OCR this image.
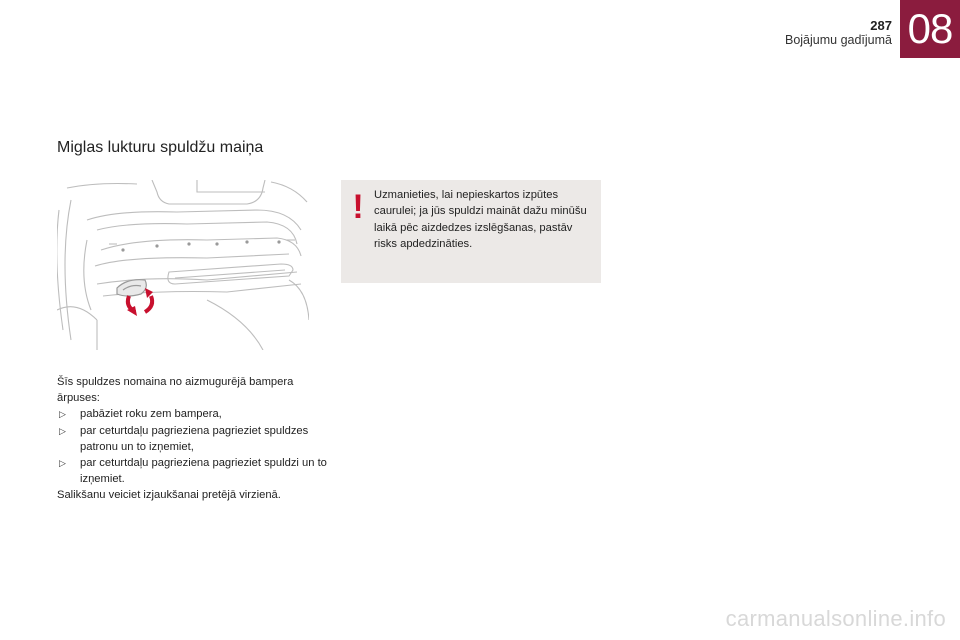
287
Bojājumu gadījumā 08
Miglas lukturu spuldžu maiņa
! Uzmanieties, lai nepieskartos izpūtes caurulei; ja jūs spuldzi maināt dažu minūšu laikā pēc aizdedzes izslēgšanas, pastāv risks apdedzināties.

Šīs spuldzes nomaina no aizmugurējā bampera ārpuses:

▷ pabāziet roku zem bampera,

▷ par ceturtdaļu pagrieziena pagrieziet spuldzes patronu un to izņemiet,

▷ par ceturtdaļu pagrieziena pagrieziet spuldzi un to izņemiet.

Salikšanu veiciet izjaukšanai pretējā virzienā.

carmanualsonline.info
